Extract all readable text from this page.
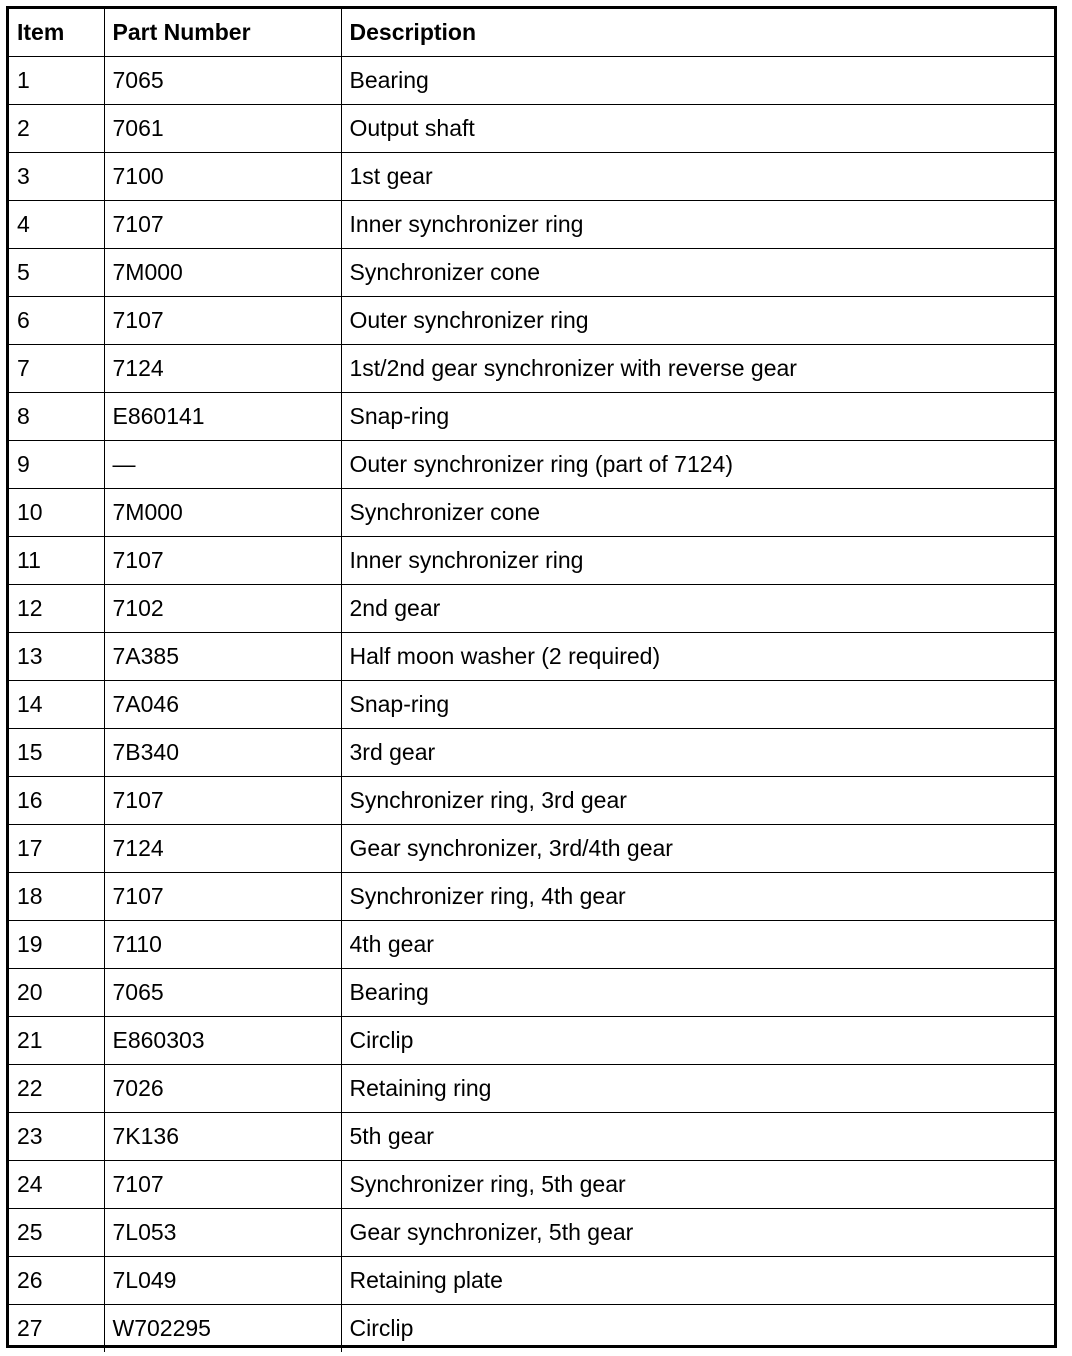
Item	Part Number	Description
1	7065	Bearing
2	7061	Output shaft
3	7100	1st gear
4	7107	Inner synchronizer ring
5	7M000	Synchronizer cone
6	7107	Outer synchronizer ring
7	7124	1st/2nd gear synchronizer with reverse gear
8	E860141	Snap-ring
9	—	Outer synchronizer ring (part of 7124)
10	7M000	Synchronizer cone
11	7107	Inner synchronizer ring
12	7102	2nd gear
13	7A385	Half moon washer (2 required)
14	7A046	Snap-ring
15	7B340	3rd gear
16	7107	Synchronizer ring, 3rd gear
17	7124	Gear synchronizer, 3rd/4th gear
18	7107	Synchronizer ring, 4th gear
19	7110	4th gear
20	7065	Bearing
21	E860303	Circlip
22	7026	Retaining ring
23	7K136	5th gear
24	7107	Synchronizer ring, 5th gear
25	7L053	Gear synchronizer, 5th gear
26	7L049	Retaining plate
27	W702295	Circlip
